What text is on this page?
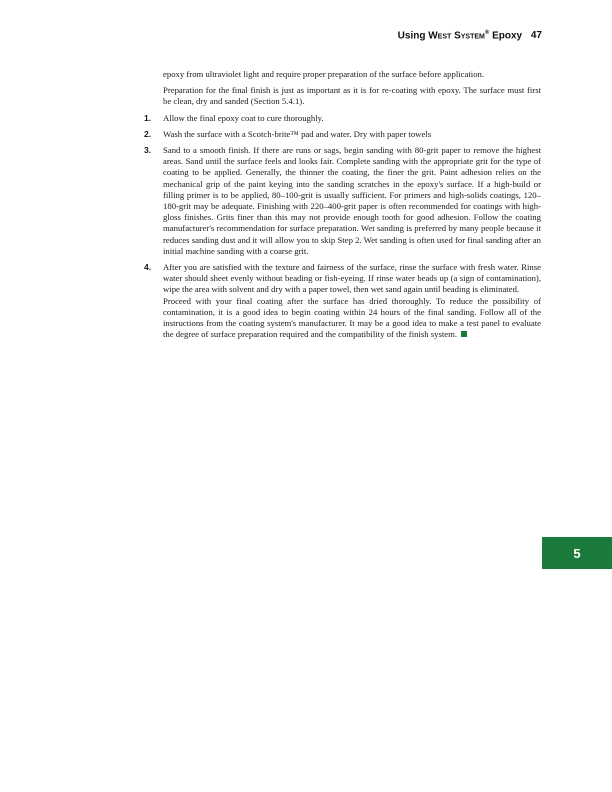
Using West System® Epoxy 47

epoxy from ultraviolet light and require proper preparation of the surface before application.

Preparation for the final finish is just as important as it is for re-coating with epoxy. The surface must first be clean, dry and sanded (Section 5.4.1).

1. Allow the final epoxy coat to cure thoroughly.

2. Wash the surface with a Scotch-brite™ pad and water. Dry with paper towels

3. Sand to a smooth finish. If there are runs or sags, begin sanding with 80-grit paper to remove the highest areas. Sand until the surface feels and looks fair. Complete sanding with the appropriate grit for the type of coating to be applied. Generally, the thinner the coating, the finer the grit. Paint adhesion relies on the mechanical grip of the paint keying into the sanding scratches in the epoxy's surface. If a high-build or filling primer is to be applied, 80–100-grit is usually sufficient. For primers and high-solids coatings, 120–180-grit may be adequate. Finishing with 220–400-grit paper is often recommended for coatings with high-gloss finishes. Grits finer than this may not provide enough tooth for good adhesion. Follow the coating manufacturer's recommendation for surface preparation. Wet sanding is preferred by many people because it reduces sanding dust and it will allow you to skip Step 2. Wet sanding is often used for final sanding after an initial machine sanding with a coarse grit.

4. After you are satisfied with the texture and fairness of the surface, rinse the surface with fresh water. Rinse water should sheet evenly without beading or fish-eyeing. If rinse water beads up (a sign of contamination), wipe the area with solvent and dry with a paper towel, then wet sand again until beading is eliminated.

Proceed with your final coating after the surface has dried thoroughly. To reduce the possibility of contamination, it is a good idea to begin coating within 24 hours of the final sanding. Follow all of the instructions from the coating system's manufacturer. It may be a good idea to make a test panel to evaluate the degree of surface preparation required and the compatibility of the finish system.

5
